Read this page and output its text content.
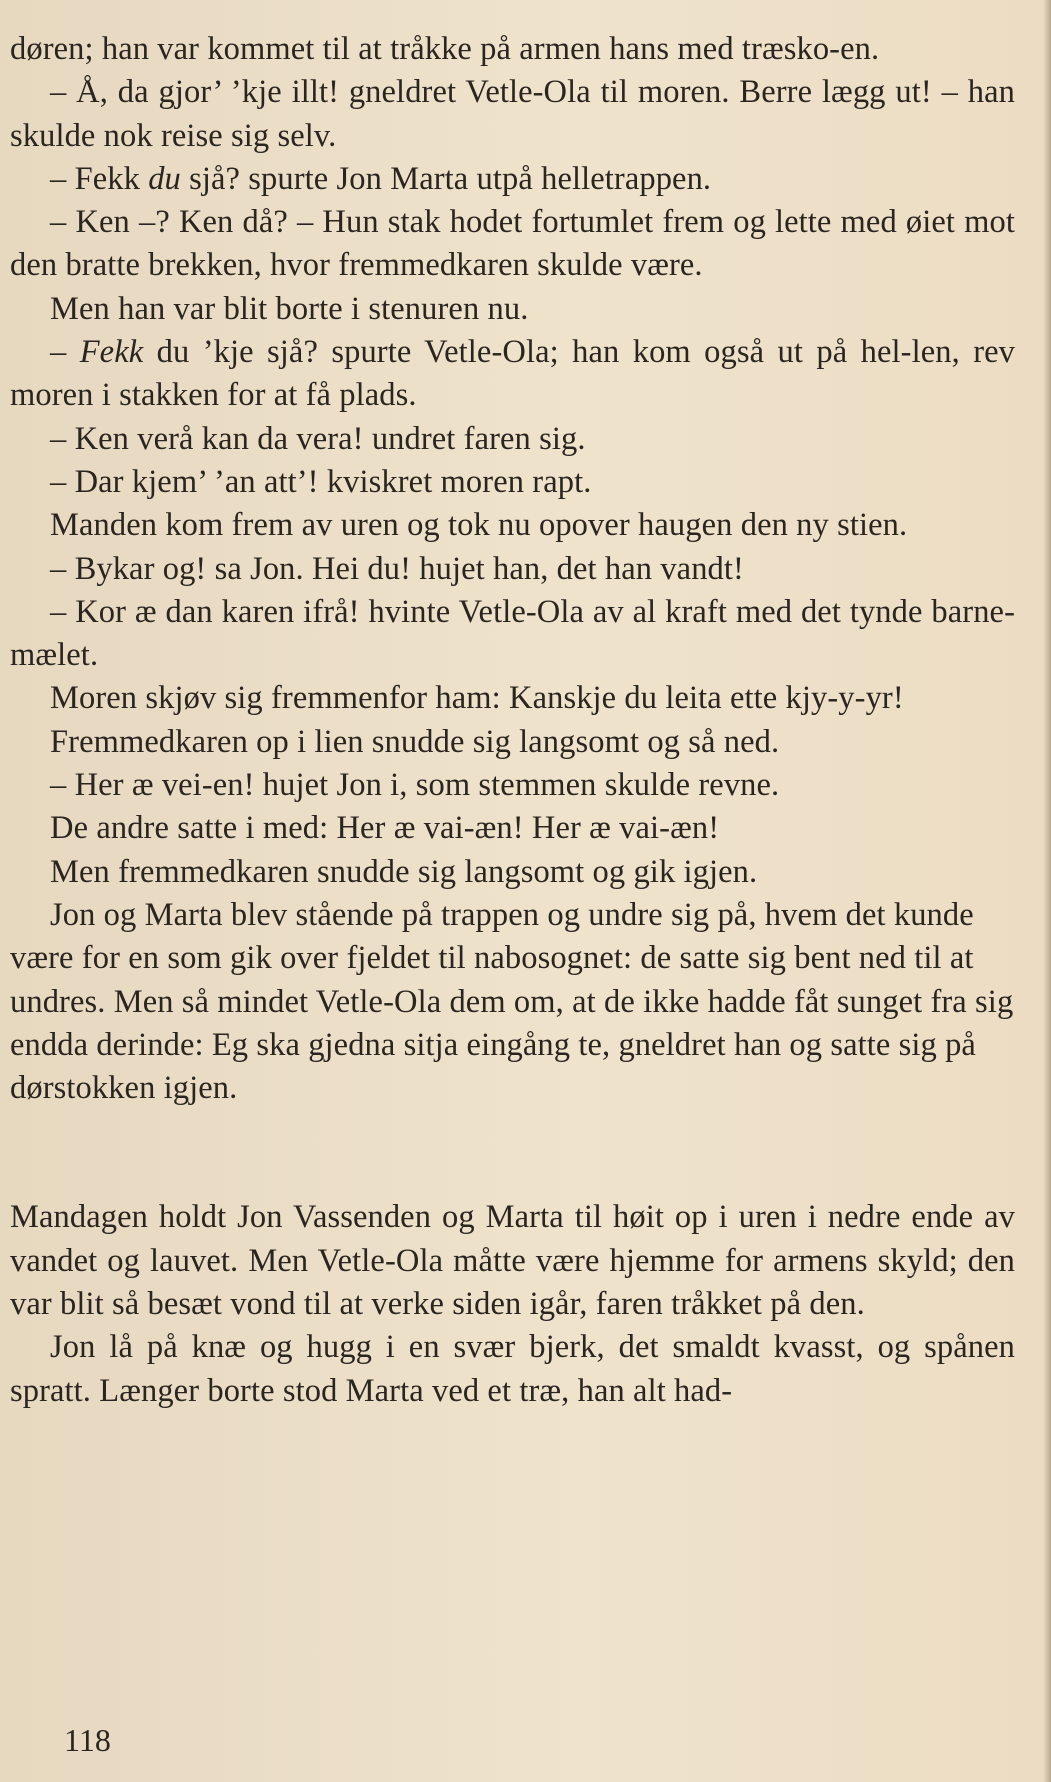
døren; han var kommet til at tråkke på armen hans med træsko-en.

– Å, da gjor’ ’kje illt! gneldret Vetle-Ola til moren. Berre lægg ut! – han skulde nok reise sig selv.

– Fekk du sjå? spurte Jon Marta utpå helletrappen.

– Ken –? Ken då? – Hun stak hodet fortumlet frem og lette med øiet mot den bratte brekken, hvor fremmedkaren skulde være.

Men han var blit borte i stenuren nu.

– Fekk du ’kje sjå? spurte Vetle-Ola; han kom også ut på hel-len, rev moren i stakken for at få plads.

– Ken verå kan da vera! undret faren sig.

– Dar kjem’ ’an att’! kviskret moren rapt.

Manden kom frem av uren og tok nu opover haugen den ny stien.

– Bykar og! sa Jon. Hei du! hujet han, det han vandt!

– Kor æ dan karen ifrå! hvinte Vetle-Ola av al kraft med det tynde barne-mælet.

Moren skjøv sig fremmenfor ham: Kanskje du leita ette kjy-y-yr!

Fremmedkaren op i lien snudde sig langsomt og så ned.

– Her æ vei-en! hujet Jon i, som stemmen skulde revne.

De andre satte i med: Her æ vai-æn! Her æ vai-æn!

Men fremmedkaren snudde sig langsomt og gik igjen.

Jon og Marta blev stående på trappen og undre sig på, hvem det kunde være for en som gik over fjeldet til nabosognet: de satte sig bent ned til at undres. Men så mindet Vetle-Ola dem om, at de ikke hadde fåt sunget fra sig endda derinde: Eg ska gjedna sitja eingång te, gneldret han og satte sig på dørstokken igjen.

Mandagen holdt Jon Vassenden og Marta til høit op i uren i nedre ende av vandet og lauvet. Men Vetle-Ola måtte være hjemme for armens skyld; den var blit så besæt vond til at verke siden igår, faren tråkket på den.

Jon lå på knæ og hugg i en svær bjerk, det smaldt kvasst, og spånen spratt. Længer borte stod Marta ved et træ, han alt had-

118
